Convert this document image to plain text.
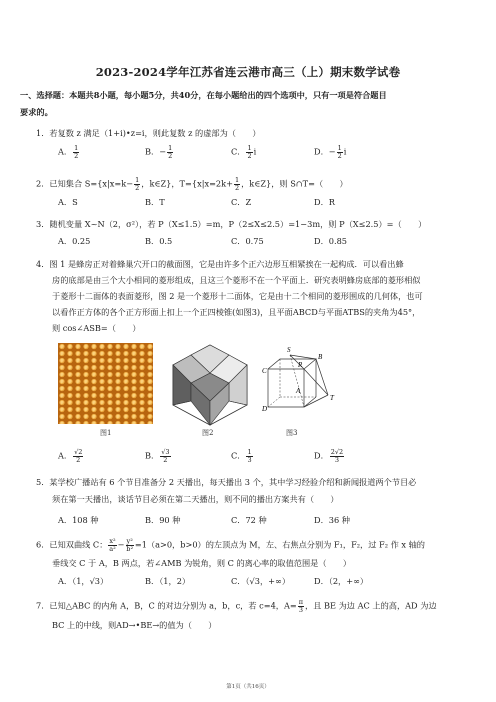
2023-2024学年江苏省连云港市高三（上）期末数学试卷
一、选择题：本题共8小题，每小题5分，共40分，在每小题给出的四个选项中，只有一项是符合题目
要求的。
1．若复数 z 满足（1+i)•z=i，则此复数 z 的虚部为（　　）
A． $\frac{1}{2}$	B．− $\frac{1}{2}$	C． $\frac{1}{2}$ i	D．− $\frac{1}{2}$ i
2．已知集合 $S=\{x|x=k- \frac{1}{2}$ ，k∈Z}，$T=\{x|x=2k+ \frac{1}{2}$ ，k∈Z}，则 S∩T=（　　）
A．S	B．T	C．Z	D．R
3．随机变量 X~N（2，σ²），若 P（X≤1.5）=m，P（2≤X≤2.5）=1−3m，则 P（X≤2.5）=（　　）
A．0.25	B．0.5	C．0.75	D．0.85
4．图 1 是蜂房正对着蜂巢穴开口的截面图，它是由许多个正六边形互相紧挨在一起构成．可以看出蜂
房的底部是由三个大小相同的菱形组成，且这三个菱形不在一个平面上．研究表明蜂房底部的菱形相似
于菱形十二面体的表面菱形，图 2 是一个菱形十二面体，它是由十二个相同的菱形围成的几何体，也可
以看作正方体的各个正方形面上扣上一个正四棱锥(如图3)，且平面ABCD与平面ATBS的夹角为45°，
则 cos∠ASB=（　　）
图1	图2
S
B
C
R
A
T
D
图3
A． $\frac{√2}{2}$	B． $\frac{√3}{2}$	C． $\frac{1}{3}$	D． $\frac{2√2}{3}$
5．某学校广播站有 6 个节目准备分 2 天播出，每天播出 3 个，其中学习经验介绍和新闻报道两个节目必
须在第一天播出，谈话节目必须在第二天播出，则不同的播出方案共有（　　）
A．108 种	B．90 种	C．72 种	D．36 种
6．已知双曲线 C： $\frac{\text{x²}}{\text{a²}} - \frac{\text{y²}}{\text{b²}} =1(a>0$，b>0）的左顶点为 M，左、右焦点分别为 F₁，F₂，过 F₂ 作 x 轴的
垂线交 C 于 A，B 两点，若∠AMB 为锐角，则 C 的离心率的取值范围是（　　）
A．（1，√3）	B．（1，2）	C．（√3，+∞）	D．（2，+∞）
7．已知△ABC 的内角 A，B，C 的对边分别为 a，b，c，若 c=4，$A= \frac{\pi}{3}$ ，且 BE 为边 AC 上的高，AD 为边
BC 上的中线，则AD→•BE→的值为（　　）
第1页（共16页）
